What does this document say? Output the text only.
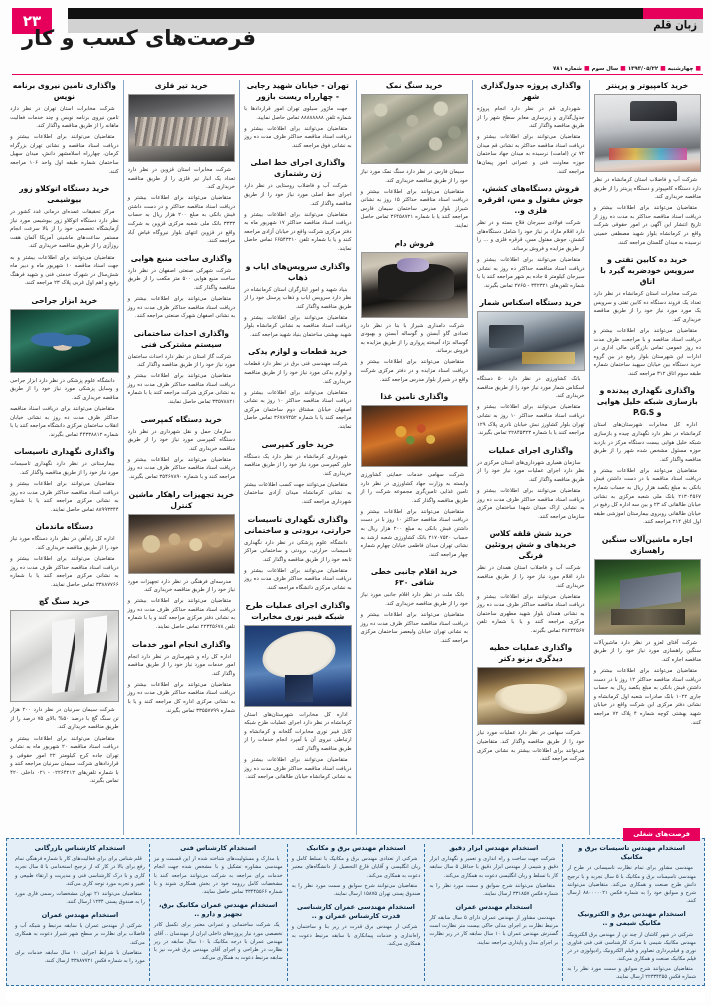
۲۳	زبان قلم
فرصت‌های کسب و کار
■چهارشنبه■۱۳۹۳/۰۵/۲۲■سال سوم■شماره ۷۸۱
خرید کامپیوتر و پرینتر

شرکت آب و فاضلاب استان کرمانشاه در نظر دارد دستگاه کامپیوتر و دستگاه پرینتر را از طریق مناقصه خریداری کند.

متقاضیان می‌توانند برای اطلاعات بیشتر و دریافت اسناد مناقصه حداکثر به مدت ده روز از تاریخ انتشار این آگهی در امور حقوقی شرکت واقع در کرمانشاه بلوار شهید مصطفی خمینی نرسیده به میدان گلستان مراجعه کنند.

خرید ده کابین تفتی و سرویس خودضربه گیرد با اتاق

شرکت مخابرات استان کرمانشاه در نظر دارد تعداد یک فروند دستگاه ده کابین تفتی و سرویس یک مورد مورد نیاز خود را از طریق مناقصه خریداری کند.

متقاضیان می‌توانند برای اطلاعات بیشتر و دریافت اسناد مناقصه و با مراجعت ظرف مدت ده روز عمومی تماس بازرگانی مالی اداری در ادارات این شهرستان بلوار رفیع در بین گروه خرید دستگاه بین خیابان سپهبد ساختمان شماره طبقه سوم اتاق ۳۱۲ مراجعه کنند.

واگذاری نگهداری پیدنده و بازسازی شبکه خلیل هوایی و P.G.S

اداره کل مخابرات شهرستان‌های استان کرمانشاه در نظر دارد نگهداری چیده و بازسازی شبکه خلیل هوایی بیست دستگاه مرکز در بازدید حوزه مسئول مشخص شده شهر را از طریق مناقصه واگذار کند.

متقاضیان می‌توانند برای اطلاعات بیشتر و دریافت اسناد مناقصه با در دست داشتن فیش بانکی به مبلغ یکصد هزار ریال به حساب شماره ۲۱۳۰۴۵۶۷ بانک ملی شعبه مرکزی به نشانی خیابان طالقانی کد ۲۳ و بین سه اداره کل رفیع در خیابان طالقانی روبروی بیمارستان اموزشی طبقه اول اتاق ۲۱۴ مراجعه کنند.

اجاره ماشین‌آلات سنگین راهسازی

شرکت آفتای لعزو در نظر دارد ماشین‌آلات سنگین راهسازی مورد نیاز خود را از طریق مناقصه اجاره کند.

متقاضیان می‌توانند برای اطلاعات بیشتر و دریافت اسناد مناقصه حداکثر ۱۲ روز با در دست داشتن فیش بانکی به مبلغ یکصد ریال به حساب جاری ۱۰۲۲ بانک صادرات شعبه اول کرمانشاه و نشانی دفتر مرکزی این شرکت واقع در خیابان شهید بهشتی کوچه شماره ۴ پلاک ۷۲ مراجعه کنند.

واگذاری پروژه جدول‌گذاری شهر

شهرداری قم در نظر دارد انجام پروژه جدول‌گذاری و زیرسازی معابر سطح شهر را از طریق مناقصه واگذار کند.

متقاضیان می‌توانند برای اطلاعات بیشتر و دریافت اسناد مناقصه حداکثر به نشانی قم میدان ۷۲ تن (امامت) نرسیده به میدان جهاد ساختمان حوزه معاونت فنی و عمرانی امور پیمان‌ها مراجعه کنند.

فروش دستگاه‌های کشش، جوش مفتول و مس، اقرقره فلزی و..

شرکت فولادی سیرجان فلاح بسته و در نظر دارد اقلام مازاد بر نیاز خود را شامل دستگاه‌های کشش، جوش مفتول مس، قرقره فلزی و ... را از طریق مزایده و فروش برساند.

متقاضیان می‌توانند برای اطلاعات بیشتر و دریافت اسناد مناقصه حداکثر ده روز به نشانی سیرجان کیلومتر ۵ جاده بم شهر مراجعه کنند یا با شماره تلفن‌های ۳۴۲۳۲۱ - ۲۷۶۵ تماس بگیرند.

خرید دستگاه اسکناس شمار

بانک کشاورزی در نظر دارد ۵۰ دستگاه اسکناس شمار مورد نیاز خود را از طریق مناقصه خریداری کند.

متقاضیان می‌توانند برای اطلاعات بیشتر و دریافت اسناد مناقصه حداکثر ۱۰ روز به نشانی تهران بلوار کشاورز نبش خیابان نادری پلاک ۱۲۹ مراجعه کنند یا با شماره ۲۲۸۴۵۳۲۳ تماس بگیرند.

واگذاری اجرای عملیات

سازمان همیاری شهرداری‌های استان مرکزی در نظر دارد اجرای عملیات مورد نیاز خود را از طریق مناقصه واگذار کند.

متقاضیان می‌توانند برای اطلاعات بیشتر و دریافت اسناد مناقصه حداکثر ظرف مدت ده روز به نشانی اراک میدان شهدا ساختمان مرکزی سازمان مراجعه کنند.

خرید شش قلقه کلاس خریدهای و شش پروتئین فرنگی

شرکت آب و فاضلاب استان همدان در نظر دارد اقلام مورد نیاز خود را از طریق مناقصه خریداری کند.

متقاضیان می‌توانند برای اطلاعات بیشتر و دریافت اسناد مناقصه حداکثر ظرف مدت ده روز به نشانی همدان بلوار شهید مطهری ساختمان مرکزی مراجعه کنند و یا با شماره تلفن ۳۸۲۳۴۵۶۷ تماس بگیرند.

واگذاری عملیات خطیه دیدگری بزنو دکتر

شرکت سهامی در نظر دارد عملیات مورد نیاز خود را از طریق مناقصه واگذار کند. متقاضیان می‌توانند برای اطلاعات بیشتر به نشانی مرکزی شرکت مراجعه کنند.

خرید سنگ نمک

سیمان فارس در نظر دارد سنگ نمک مورد نیاز خود را از طریق مناقصه خریداری کند.

متقاضیان می‌توانند برای اطلاعات بیشتر و دریافت اسناد مناقصه حداکثر ۱۵ روز به نشانی شیراز بلوار مدرس ساختمان سیمان فارس مراجعه کنند یا با شماره ۳۶۴۵۸۷۲۱ تماس حاصل نمایند.

فروش دام

شرکت دامداری شیراز با بنا در نظر دارد تعدادی گاو آبستن و گوساله آبستن و بهبودی گوساله نژاد آمیخته پرواری را از طریق مزایده به فروش برساند.

متقاضیان می‌توانند برای اطلاعات بیشتر و دریافت اسناد مزایده و در دفتر مرکزی شرکت واقع در شیراز بلوار مدرس مراجعه کنند.

واگذاری تامین غذا

شرکت سهامی خدمات حمایتی کشاورزی وابسته به وزارت جهاد کشاورزی در نظر دارد تامین غذایی تامین‌گری مجموعه شرکت را از طریق مناقصه واگذار کند.

متقاضیان می‌توانند برای اطلاعات بیشتر و دریافت اسناد مناقصه حداکثر ۱۰ روز با در دست داشتن فیش بانکی به مبلغ ۲۰۰ هزار ریال به حساب ۲۱۷۰۷۵۲۰ بانک کشاورزی شعبه ارشد به نشانی تهران میدان فاطمی خیابان چهارم شماره چهار مراجعه کنند.

خرید اقلام جانبی خطی شافی ۶۳۰

بانک ملت در نظر دارد اقلام جانبی مورد نیاز خود را از طریق مناقصه خریداری کند.

متقاضیان می‌توانند برای اطلاعات بیشتر و دریافت اسناد مناقصه حداکثر ظرف مدت ده روز به نشانی تهران خیابان ولیعصر ساختمان مرکزی مراجعه کنند.

تهران - خیابان شهید رجایی - چهارراه ریست بازور

جهت ماژور سیلوی تهران امور قراردادها با شماره تلفن ۸۸۸۸۸۸۸۸ تماس حاصل نمایید.

متقاضیان می‌توانند برای اطلاعات بیشتر و دریافت اسناد مناقصه حداکثر ظرف مدت ده روز به نشانی فوق مراجعه کنند.

واگذاری اجرای خط اصلی ژن رشتمازی

شرکت آب و فاضلاب روستایی در نظر دارد اجرای خط اصلی مورد نیاز خود را از طریق مناقصه واگذار کند.

متقاضیان می‌توانند برای اطلاعات بیشتر و دریافت اسناد مناقصه حداکثر ۱۷ شهریور ماه به دفتر مرکزی شرکت واقع در خیابان آزادی مراجعه کنند و یا با شماره تلفن ۶۶۵۴۳۲۱۰ تماس حاصل نمایند.

واگذاری سرویس‌های ایاب و ذهاب

بنیاد شهید و امور ایثارگران استان کرمانشاه در نظر دارد سرویس ایاب و ذهاب پرسنل خود را از طریق مناقصه واگذار کند.

متقاضیان می‌توانند برای اطلاعات بیشتر و دریافت اسناد مناقصه به نشانی کرمانشاه بلوار شهید بهشتی ساختمان بنیاد شهید مراجعه کنند.

خرید قطعات و لوازم یدکی

شرکت مهندسی فنی برق در نظر دارد قطعات و لوازم یدکی مورد نیاز خود را از طریق مناقصه خریداری کند.

متقاضیان می‌توانند برای اطلاعات بیشتر و دریافت اسناد مناقصه حداکثر ۱۰ روز به نشانی اصفهان خیابان مشتاق دوم ساختمان مرکزی مراجعه کنند یا با شماره ۳۶۷۸۹۴۵۲ تماس حاصل نمایند.

خرید خاور کمپرسی

شهرداری کرمانشاه در نظر دارد یک دستگاه خاور کمپرسی مورد نیاز خود را از طریق مناقصه خریداری کند.

متقاضیان می‌توانند جهت کسب اطلاعات بیشتر به نشانی کرمانشاه میدان آزادی ساختمان شهرداری مراجعه کنند.

واگذاری نگهداری تاسیسات حرارتی، برودتی و ساختمانی

دانشگاه علوم پزشکی در نظر دارد نگهداری تاسیسات حرارتی، برودتی و ساختمانی مراکز تابعه خود را از طریق مناقصه واگذار کند.

متقاضیان می‌توانند برای اطلاعات بیشتر و دریافت اسناد مناقصه حداکثر ظرف مدت ده روز به نشانی مرکزی دانشگاه مراجعه کنند.

واگذاری اجرای عملیات طرح شبکه فیبر نوری مخابرات

اداره کل مخابرات شهرستان‌های استان کرمانشاه در نظر دارد اجرای عملیات طرح شبکه کابل فیبر نوری مخابرات گلخانه و کرمانشاه و ارتباطی نیروی آن با آمپرد انجام خدمات را از طریق مناقصه واگذار کند.

متقاضیان می‌توانند برای اطلاعات بیشتر و دریافت اسناد مناقصه حداکثر ظرف مدت ده روز به نشانی کرمانشاه خیابان طالقانی مراجعه کنند.

خرید تیر فلزی

شرکت مخابرات استان قزوین در نظر دارد تعداد یک انبار تیر فلزی را از طریق مناقصه خریداری کند.

متقاضیان می‌توانند برای اطلاعات بیشتر و دریافت اسناد مناقصه حداکثر و در دست داشتن فیش بانکی به مبلغ ۲۰۰ هزار ریال به حساب ۳۳۳۳ بانک ملی شعبه مرکزی قزوین به شرکت واقع در قزوین انتهای بلوار نیروگاه فیاض آباد مراجعه کنند.

واگذاری ساخت منبع هوایی

شرکت شهرکی صنعتی اصفهان در نظر دارد ساخت منبع هوایی ۵۰۰ متر مکعب را از طریق مناقصه واگذار کند.

متقاضیان می‌توانند برای اطلاعات بیشتر و دریافت اسناد مناقصه حداکثر ظرف مدت ده روز به نشانی اصفهان شهرک صنعتی مراجعه کنند.

واگذاری احداث ساختمانی سیستم مشترکی فنی

شرکت گاز استان در نظر دارد احداث ساختمان مورد نیاز خود را از طریق مناقصه واگذار کند.

متقاضیان می‌توانند برای اطلاعات بیشتر و دریافت اسناد مناقصه حداکثر ظرف مدت ده روز به نشانی مرکزی شرکت مراجعه کنند یا با شماره ۳۳۵۷۸۸۲۱ تماس حاصل نمایند.

خرید دستگاه کمپرسی

سازمان حمل و نقل شهرداری در نظر دارد دستگاه کمپرسی مورد نیاز خود را از طریق مناقصه خریداری کند.

متقاضیان می‌توانند برای اطلاعات بیشتر و دریافت اسناد مناقصه حداکثر ظرف مدت ده روز مراجعه کنند و با شماره ۳۵۴۶۷۸۹۰ تماس بگیرند.

خرید تجهیزات راهکار ماشین کنترل

مدرسه‌ای فرهنگی در نظر دارد تجهیزات مورد نیاز خود را از طریق مناقصه خریداری کند.

متقاضیان می‌توانند برای اطلاعات بیشتر و دریافت اسناد مناقصه حداکثر ظرف مدت ده روز به نشانی دفتر مرکزی مراجعه کنند و یا با شماره تلفن ۲۲۳۴۵۶۷۸ تماس حاصل نمایند.

واگذاری انجام امور خدمات

اداره کل راه و شهرسازی در نظر دارد انجام امور خدمات مورد نیاز خود را از طریق مناقصه واگذار کند.

متقاضیان می‌توانند برای اطلاعات بیشتر و دریافت اسناد مناقصه حداکثر ظرف مدت ده روز به نشانی مرکزی اداره کل مراجعه کنند و یا با شماره ۳۳۵۵۷۷۹۹ تماس بگیرند.

واگذاری تامین نیروی برنامه نویس

شرکت مخابرات استان تهران در نظر دارد تامین نیروی برنامه نویس و چند خدمات فعالیت ماهانه را از طریق مناقصه واگذار کند.

متقاضیان می‌توانند برای اطلاعات بیشتر و دریافت اسناد مناقصه و نشانی تهران بزرگراه کرمان، چهارراه اسلامشهر دانش، میدان سهیل ساختمان شماره طبقه اول واحد ۱۰۶ مراجعه کنند.

خرید دستگاه اتوکلاو زور بیوشیمی

مرکز تحقیقات عمده‌ای درمانی غدد کشور در نظر دارد دستگاه اتوکلاو زور بیوشیمی مورد نیاز آزمایشگاه تخصصی خود را از بالا سرعت انجام مستمر ساعت‌های ماشینی آمریکا آلمان هفت روزآزی را از طریق مناقصه خریداری کند.

متقاضیان می‌توانند برای اطلاعات بیشتر و به جهت اسناد مناقصه ۱۰ شهریور ماه و دبیر ماه شش‌سال در شهرک خدمتی فنی و شهید فرهنگ رفیع و اهم اول غربی پلاک ۲۳ مراجعه کنند.

خرید ابزار جراحی

دانشگاه علوم پزشکی در نظر دارد ابزار جراحی و وسایل پزشکی مورد نیاز خود را از طریق مناقصه خریداری کند.

متقاضیان می‌توانند برای دریافت اسناد مناقصه حداکثر ظرف مدت ده روز به نشانی خیابان انقلاب ساختمان مرکزی دانشگاه مراجعه کنند یا با شماره ۴۴۳۳۸۸۱۲ تماس بگیرند.

واگذاری نگهداری تاسیسات

بیمارستانی در نظر دارد نگهداری تاسیسات مورد نیاز خود را از طریق مناقصه واگذار کند.

متقاضیان می‌توانند برای اطلاعات بیشتر و دریافت اسناد مناقصه حداکثر ظرف مدت ده روز به نشانی مرکزی مراجعه کنند یا با شماره ۸۸۹۹۳۳۴۴ تماس حاصل نمایند.

دستگاه ماندمان

اداره کل راه‌آهن در نظر دارد دستگاه مورد نیاز خود را از طریق مناقصه خریداری کند.

متقاضیان می‌توانند برای اطلاعات بیشتر و دریافت اسناد مناقصه حداکثر ظرف مدت ده روز به نشانی مرکزی مراجعه کنند یا با شماره ۳۳۸۸۷۷۶۶ تماس حاصل نمایند.

خرید سنگ گچ

شرکت سیمان سرنیان در نظر دارد ۲۰۰ هزار تن سنگ گچ با درصد ۵۰% بالای ۷۵ درصد را از طریق مناقصه خریداری کند.

متقاضیان می‌توانند برای اطلاعات بیشتر و دریافت اسناد مناقصه ۲۰ شهریور ماه به نشانی تهران جاده کرج کیلومتر ۲۲ امور حقوقی و قراردادهای شرکت سیمان سرنیان مراجعه کنند و با شماره تلفن‌های ۰۲۲۶۴۲۱۲ - ۰۲۱ داخلی ۴۲۰ تماس بگیرند.

فرصت‌های شغلی
استخدام مهندس تاسیسات برق و مکانیک

مهندسی مشاور برای تمام نظارت تاسیساتی در طرح از مهندسی تاسیسات برق و مکانیک با ۵ سال تجربه و با ترجیح دانش طرح صنعت و همکاری می‌کند. متقاضیان می‌توانند شرح و سوابق خود را به شماره فکس ۸۸۰۰۰۰۰۲۱ ارسال کنند.

استخدام مهندس برق و الکترونیک مکانیک شیمی و ..

شرکتی در شهر کاشان از چند تن از مهندس برق الکترونیک مهندس مکانیک شیمی با مدرک کارشناسی فنی فنی فناوری نوری و فیلم‌برداری تصاویر و فیلم الکترونیک رادیولوژی در در فیلم مکانیک صنعت و همکاری می‌کند.

متقاضیان می‌توانند شرح سوابق و سمت مورد نظر را به شماره فکس ۲۲۳۳۴۴۵۵ ارسال نمایند.

استخدام مهندس ابزار دقیق

شرکت جهت ساخت و راه اندازی و تعمیر و نگهداری ابزار دقیق و شیمی از مهندس ابزار دقیق با حداقل ۵ سال سابقه کار با تسلط و زبان انگلیسی دعوت به همکاری می‌کند.

متقاضیان می‌توانند شرح سوابق و سمت مورد نظر را به شماره فکس ۳۳۱۸۵۷ ارسال نمایند.

استخدام مهندس عمران

مهندسی مشاور از مهندس عمران دارای ۵ سال سابقه کار مرتبط نظارت بر اجرای مدلی حاکی بیست متر نظارت است گسترش مهندس عمران با ۱۰ سال سابقه کار در زیر نظارت بر اجرای مدل و پایداری مراجعه نمایند.

استخدام مهندس برق و مکانیک

شرکتی از تعدادی مهندس برق و مکانیک با تسلط کامل و زبان انگلیسی و آقایان فارغ التحصیل از دانشگاه‌های معتبر دعوت به همکاری می‌کند.

متقاضیان می‌توانند شرح سوابق و سمت مورد نظر را به صندوق پستی تهران ۱۵۸۷۵ ارسال نمایند.

استخدام مهندسی عمران کارشناسی قدرت کارشناس عمران و ..

شرکتی از مهندس برق قدرت در زیر بنا و ساختمان و راه‌اندازی و خدمات پیمانکاری با سابقه مرتبط دعوت به همکاری می‌کند.

استخدام کارشناس فنی

با مدارک و مسئولیت‌های شناخته شده از این قسمت و نیز مهندسی مشاوره تشکیل و با مشخص شده جهت انجام خدمات برای مراجعه به شرکت می‌توانند مراجعه کنند با مشخصات کامل رزومه خود در بخش همکاری شوند و با شماره ۳۳۴۴۵۵۶۶ تماس حاصل نمایند.

استخدام مهندس عمران مکانیک برق، تجهیز و دارو ..

یک شرکت ساختمانی و عمرانی معتبر برای تکمیل کادر تخصصی مورد نیاز پروژه‌های داخلی ایران از مهندسان .. آقای مهندس عمران با درجه مکانیک با ۱۰ سال سابقه در زیر نظارت در طراحی و اجرای آقای مهندس برق قدرت نیز با سابقه مرتبط دعوت به همکاری می‌کند.

استخدام کارشناس بازرگانی

قلم شناس برای برای فعالیت‌های کار با شماره فرهنگی تمام رفع برای بالا در کار که از ترجیح استخدامی با ۵ سال تجربه کاری و با درک کارشناسی فنی و مدیریت و ارتقاء طبیعی و تغییر و تجربه مورد توجه کاری می‌کند.

متقاضیان می‌توانند ۲۱ تهران مشخصات رسمی فاری مورد را به صندوق پستی ۱۲۳۴ ارسال کنند.

استخدام مهندس عمران

شرکتی از مهندس عمران با سابقه مرتبط و شبکه آب و فاضلاب برای نظارت بر سطح شهر شیراز دعوت به همکاری می‌کند.

متقاضیان با شرایط اجرایی ۱۰ سال سابقه خدمات برای مورد را به شماره فکس ۳۳۸۸۷۷۲۱ ارسال کنند.
